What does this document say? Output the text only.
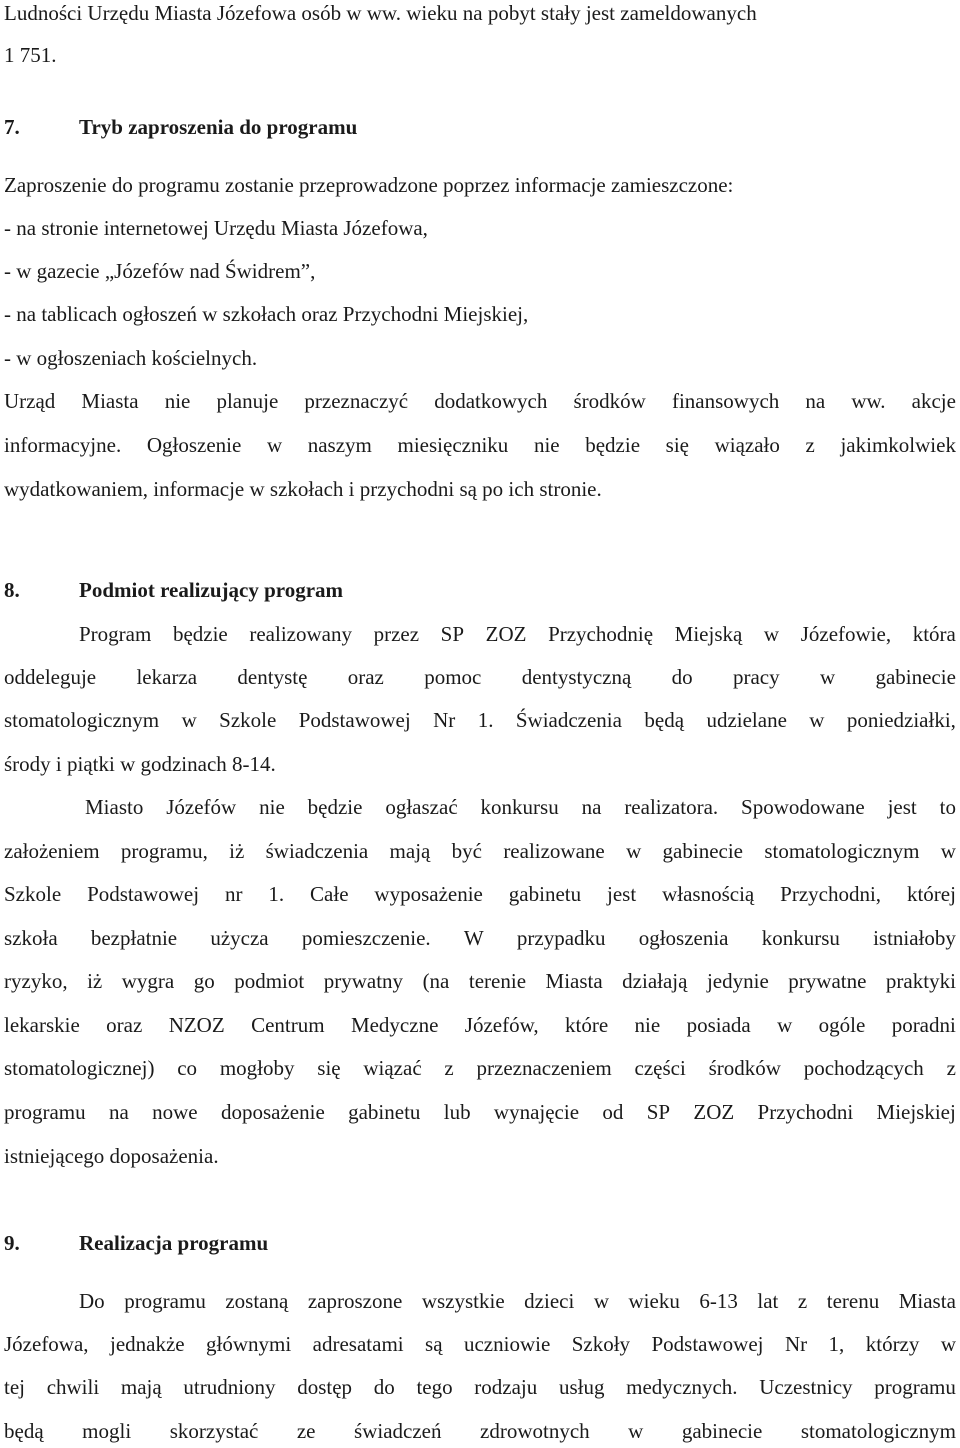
Ludności Urzędu Miasta Józefowa osób w ww. wieku na pobyt stały jest zameldowanych
1 751.
7.	Tryb zaproszenia do programu
Zaproszenie do programu zostanie przeprowadzone poprzez informacje zamieszczone:
- na stronie internetowej Urzędu Miasta Józefowa,
- w gazecie „Józefów nad Świdrem”,
- na tablicach ogłoszeń w szkołach oraz Przychodni Miejskiej,
- w ogłoszeniach kościelnych.
Urząd Miasta nie planuje przeznaczyć dodatkowych środków finansowych na ww. akcje
informacyjne. Ogłoszenie w naszym miesięczniku nie będzie się wiązało z jakimkolwiek
wydatkowaniem, informacje w szkołach i przychodni są po ich stronie.
8.	Podmiot realizujący program
Program będzie realizowany przez SP ZOZ Przychodnię Miejską w Józefowie, która
oddeleguje lekarza dentystę oraz pomoc dentystyczną do pracy w gabinecie
stomatologicznym w Szkole Podstawowej Nr 1. Świadczenia będą udzielane w poniedziałki,
środy i piątki w godzinach 8-14.
Miasto Józefów nie będzie ogłaszać konkursu na realizatora. Spowodowane jest to
założeniem programu, iż świadczenia mają być realizowane w gabinecie stomatologicznym w
Szkole Podstawowej nr 1. Całe wyposażenie gabinetu jest własnością Przychodni, której
szkoła bezpłatnie użycza pomieszczenie. W przypadku ogłoszenia konkursu istniałoby
ryzyko, iż wygra go podmiot prywatny (na terenie Miasta działają jedynie prywatne praktyki
lekarskie oraz NZOZ Centrum Medyczne Józefów, które nie posiada w ogóle poradni
stomatologicznej) co mogłoby się wiązać z przeznaczeniem części środków pochodzących z
programu na nowe doposażenie gabinetu lub wynajęcie od SP ZOZ Przychodni Miejskiej
istniejącego doposażenia.
9.	Realizacja programu
Do programu zostaną zaproszone wszystkie dzieci w wieku 6-13 lat z terenu Miasta
Józefowa, jednakże głównymi adresatami są uczniowie Szkoły Podstawowej Nr 1, którzy w
tej chwili mają utrudniony dostęp do tego rodzaju usług medycznych. Uczestnicy programu
będą mogli skorzystać ze świadczeń zdrowotnych w gabinecie stomatologicznym
